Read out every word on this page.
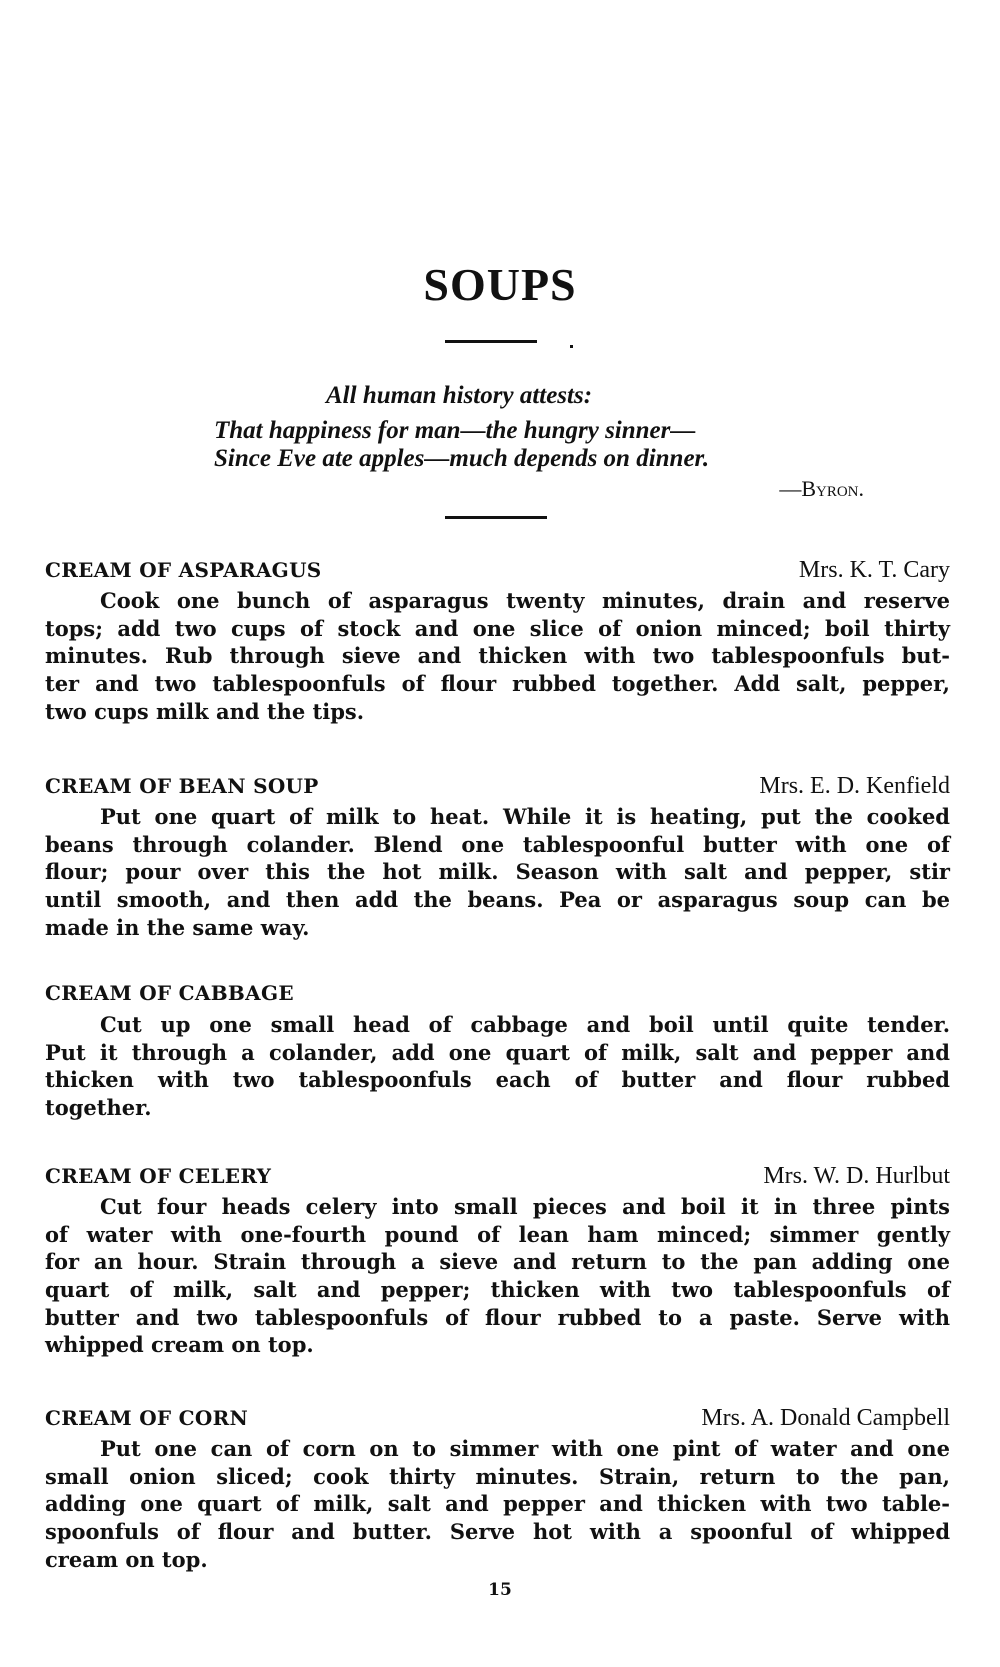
SOUPS
All human history attests:
That happiness for man—the hungry sinner—
Since Eve ate apples—much depends on dinner.
—Byron.
CREAM OF ASPARAGUS	Mrs. K. T. Cary
Cook one bunch of asparagus twenty minutes, drain and reserve
tops; add two cups of stock and one slice of onion minced; boil thirty
minutes. Rub through sieve and thicken with two tablespoonfuls but-
ter and two tablespoonfuls of flour rubbed together. Add salt, pepper,
two cups milk and the tips.
CREAM OF BEAN SOUP	Mrs. E. D. Kenfield
Put one quart of milk to heat. While it is heating, put the cooked
beans through colander. Blend one tablespoonful butter with one of
flour; pour over this the hot milk. Season with salt and pepper, stir
until smooth, and then add the beans. Pea or asparagus soup can be
made in the same way.
CREAM OF CABBAGE
Cut up one small head of cabbage and boil until quite tender.
Put it through a colander, add one quart of milk, salt and pepper and
thicken with two tablespoonfuls each of butter and flour rubbed
together.
CREAM OF CELERY	Mrs. W. D. Hurlbut
Cut four heads celery into small pieces and boil it in three pints
of water with one-fourth pound of lean ham minced; simmer gently
for an hour. Strain through a sieve and return to the pan adding one
quart of milk, salt and pepper; thicken with two tablespoonfuls of
butter and two tablespoonfuls of flour rubbed to a paste. Serve with
whipped cream on top.
CREAM OF CORN	Mrs. A. Donald Campbell
Put one can of corn on to simmer with one pint of water and one
small onion sliced; cook thirty minutes. Strain, return to the pan,
adding one quart of milk, salt and pepper and thicken with two table-
spoonfuls of flour and butter. Serve hot with a spoonful of whipped
cream on top.
15
